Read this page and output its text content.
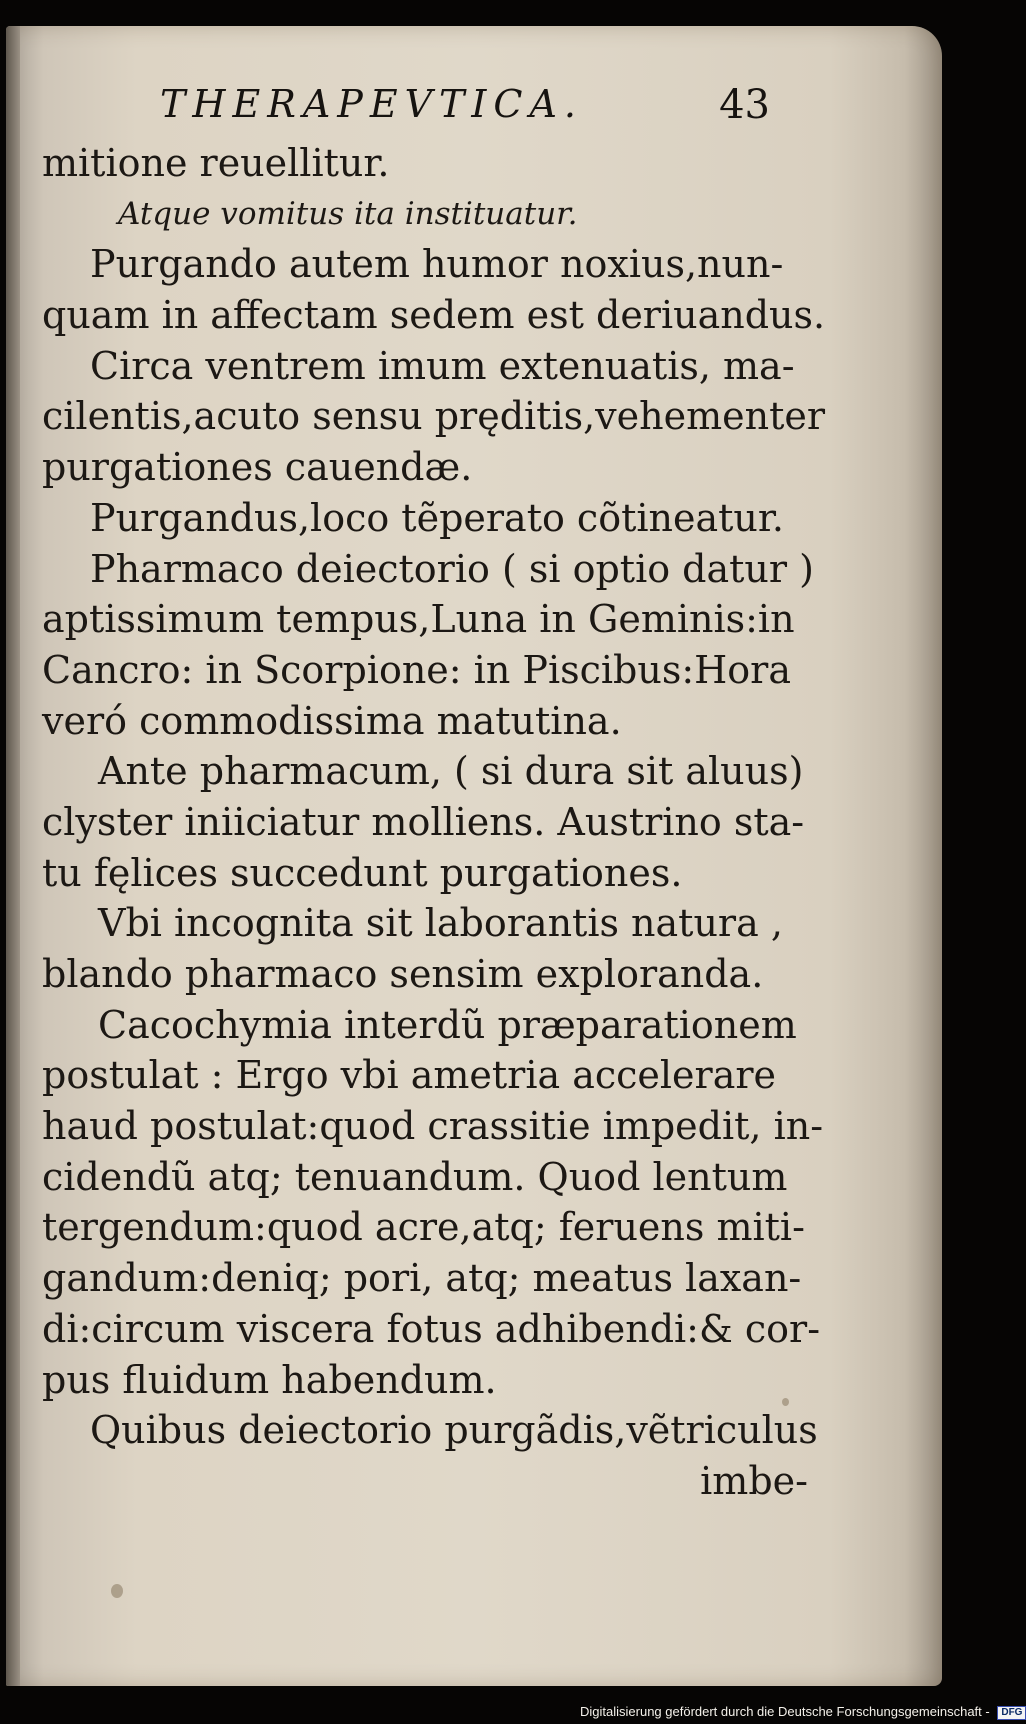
THERAPEVTICA.	43
mitione reuellitur.
Atque vomitus ita instituatur.
Purgando autem humor noxius,nun-
quam in affectam sedem est deriuandus.
Circa ventrem imum extenuatis, ma-
cilentis,acuto sensu pręditis,vehementer
purgationes cauendæ.
Purgandus,loco tẽperato cõtineatur.
Pharmaco deiectorio ( si optio datur )
aptissimum tempus,Luna in Geminis:in
Cancro: in Scorpione: in Piscibus:Hora
veró commodissima matutina.
Ante pharmacum, ( si dura sit aluus)
clyster iniiciatur molliens. Austrino sta-
tu fęlices succedunt purgationes.
Vbi incognita sit laborantis natura ,
blando pharmaco sensim exploranda.
Cacochymia interdũ præparationem
postulat : Ergo vbi ametria accelerare
haud postulat:quod crassitie impedit, in-
cidendũ atq; tenuandum. Quod lentum
tergendum:quod acre,atq; feruens miti-
gandum:deniq; pori, atq; meatus laxan-
di:circum viscera fotus adhibendi:& cor-
pus fluidum habendum.
Quibus deiectorio purgãdis,vẽtriculus
imbe-
Digitalisierung gefördert durch die Deutsche Forschungsgemeinschaft - DFG
